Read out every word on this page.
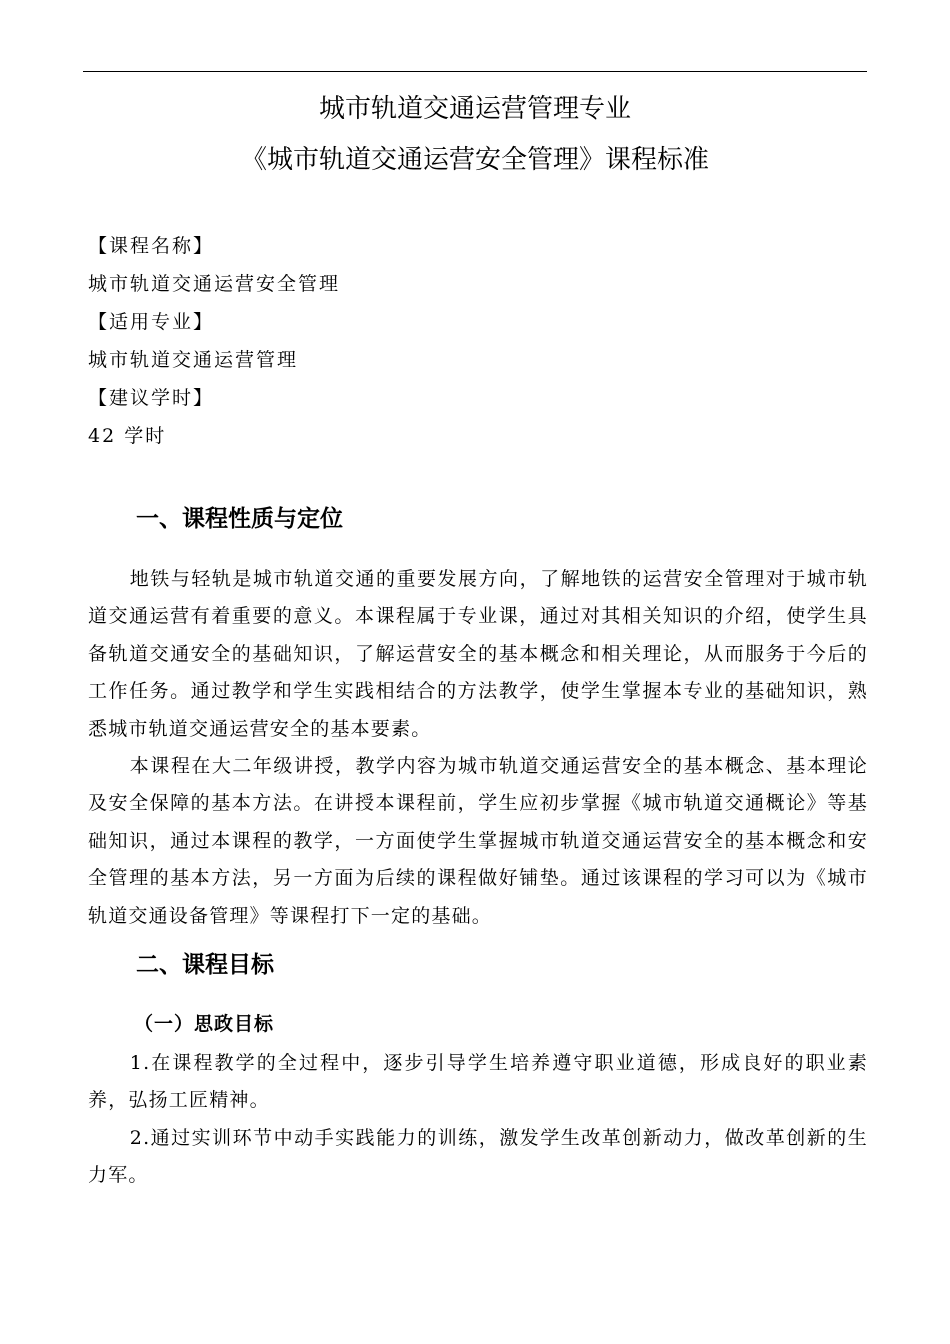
城市轨道交通运营管理专业
《城市轨道交通运营安全管理》课程标准
【课程名称】
城市轨道交通运营安全管理
【适用专业】
城市轨道交通运营管理
【建议学时】
42 学时
一、课程性质与定位

地铁与轻轨是城市轨道交通的重要发展方向，了解地铁的运营安全管理对于城市轨道交通运营有着重要的意义。本课程属于专业课，通过对其相关知识的介绍，使学生具备轨道交通安全的基础知识，了解运营安全的基本概念和相关理论，从而服务于今后的工作任务。通过教学和学生实践相结合的方法教学，使学生掌握本专业的基础知识，熟悉城市轨道交通运营安全的基本要素。

本课程在大二年级讲授，教学内容为城市轨道交通运营安全的基本概念、基本理论及安全保障的基本方法。在讲授本课程前，学生应初步掌握《城市轨道交通概论》等基础知识，通过本课程的教学，一方面使学生掌握城市轨道交通运营安全的基本概念和安全管理的基本方法，另一方面为后续的课程做好铺垫。通过该课程的学习可以为《城市轨道交通设备管理》等课程打下一定的基础。

二、课程目标
（一）思政目标

1.在课程教学的全过程中，逐步引导学生培养遵守职业道德，形成良好的职业素养，弘扬工匠精神。

2.通过实训环节中动手实践能力的训练，激发学生改革创新动力，做改革创新的生力军。
